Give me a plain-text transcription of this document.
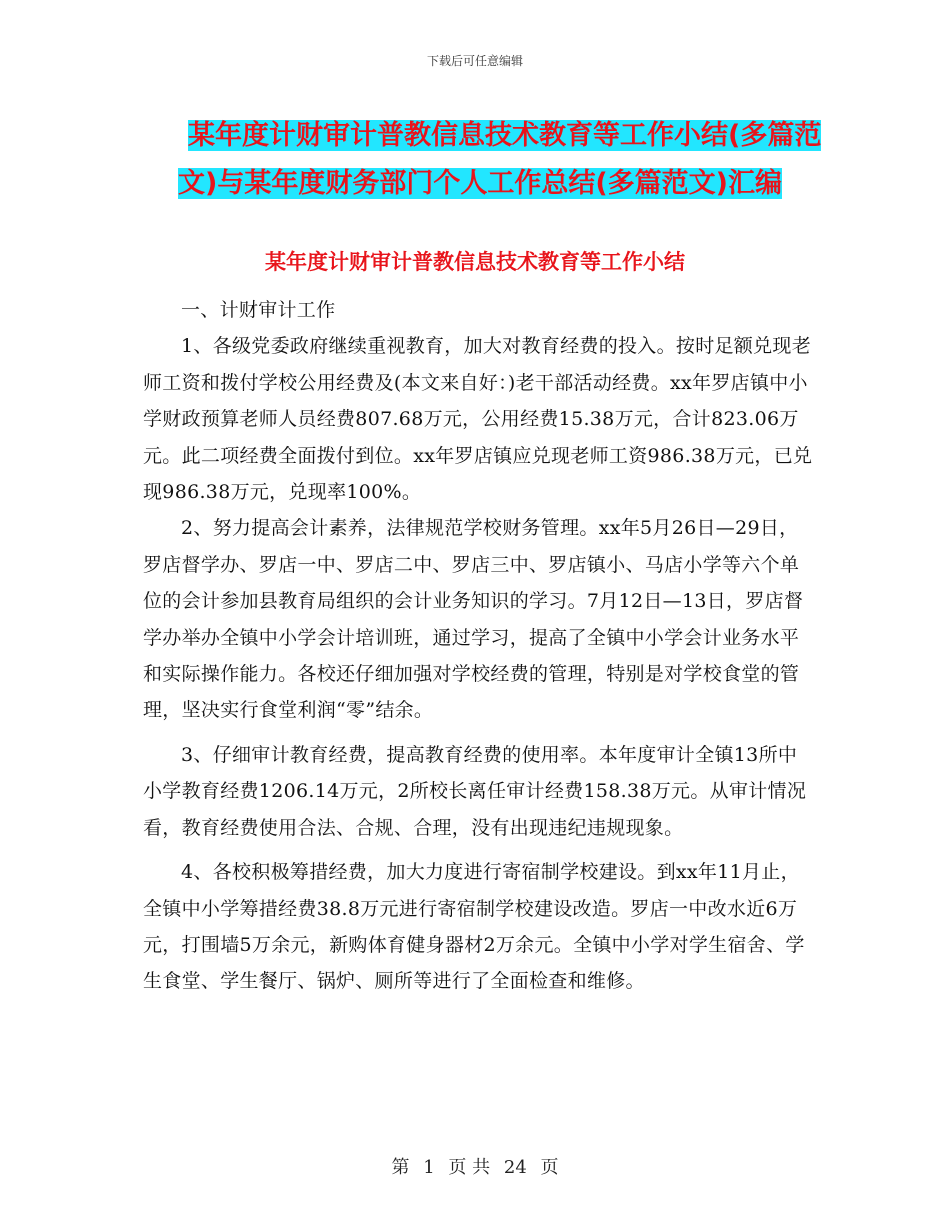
下载后可任意编辑
某年度计财审计普教信息技术教育等工作小结(多篇范
文)与某年度财务部门个人工作总结(多篇范文)汇编
某年度计财审计普教信息技术教育等工作小结

一、计财审计工作

1、各级党委政府继续重视教育，加大对教育经费的投入。按时足额兑现老师工资和拨付学校公用经费及(本文来自好：)老干部活动经费。xx年罗店镇中小学财政预算老师人员经费807.68万元，公用经费15.38万元，合计823.06万元。此二项经费全面拨付到位。xx年罗店镇应兑现老师工资986.38万元，已兑现986.38万元，兑现率100%。

2、努力提高会计素养，法律规范学校财务管理。xx年5月26日—29日，罗店督学办、罗店一中、罗店二中、罗店三中、罗店镇小、马店小学等六个单位的会计参加县教育局组织的会计业务知识的学习。7月12日—13日，罗店督学办举办全镇中小学会计培训班，通过学习，提高了全镇中小学会计业务水平和实际操作能力。各校还仔细加强对学校经费的管理，特别是对学校食堂的管理，坚决实行食堂利润“零”结余。

3、仔细审计教育经费，提高教育经费的使用率。本年度审计全镇13所中小学教育经费1206.14万元，2所校长离任审计经费158.38万元。从审计情况看，教育经费使用合法、合规、合理，没有出现违纪违规现象。

4、各校积极筹措经费，加大力度进行寄宿制学校建设。到xx年11月止，全镇中小学筹措经费38.8万元进行寄宿制学校建设改造。罗店一中改水近6万元，打围墙5万余元，新购体育健身器材2万余元。全镇中小学对学生宿舍、学生食堂、学生餐厅、锅炉、厕所等进行了全面检查和维修。

第 1 页 共 24 页
